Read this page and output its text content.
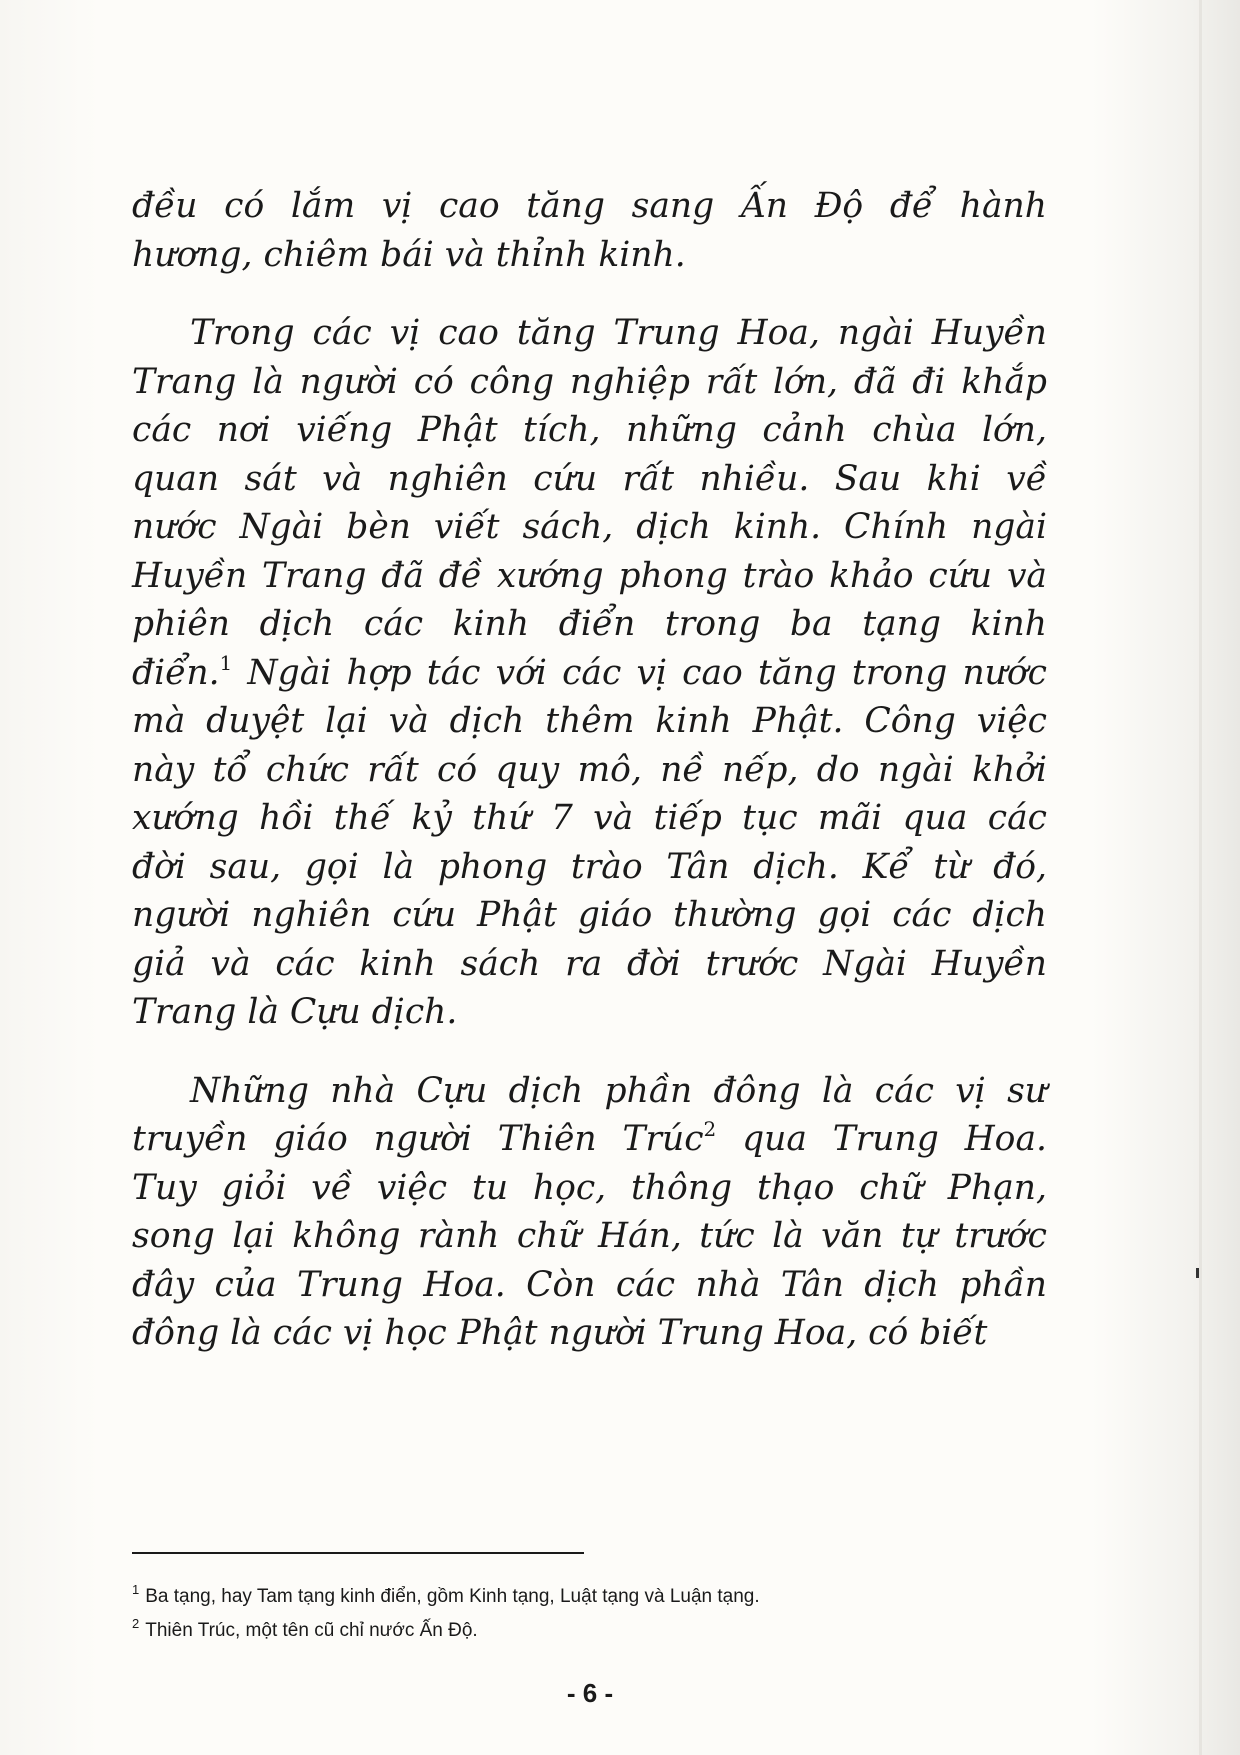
đều có lắm vị cao tăng sang Ấn Độ để hành
hương, chiêm bái và thỉnh kinh.
Trong các vị cao tăng Trung Hoa, ngài Huyền
Trang là người có công nghiệp rất lớn, đã đi khắp
các nơi viếng Phật tích, những cảnh chùa lớn,
quan sát và nghiên cứu rất nhiều. Sau khi về
nước Ngài bèn viết sách, dịch kinh. Chính ngài
Huyền Trang đã đề xướng phong trào khảo cứu và
phiên dịch các kinh điển trong ba tạng kinh
điển.$^1$ Ngài hợp tác với các vị cao tăng trong nước
mà duyệt lại và dịch thêm kinh Phật. Công việc
này tổ chức rất có quy mô, nề nếp, do ngài khởi
xướng hồi thế kỷ thứ 7 và tiếp tục mãi qua các
đời sau, gọi là phong trào Tân dịch. Kể từ đó,
người nghiên cứu Phật giáo thường gọi các dịch
giả và các kinh sách ra đời trước Ngài Huyền
Trang là Cựu dịch.
Những nhà Cựu dịch phần đông là các vị sư
truyền giáo người Thiên Trúc$^2$ qua Trung Hoa.
Tuy giỏi về việc tu học, thông thạo chữ Phạn,
song lại không rành chữ Hán, tức là văn tự trước
đây của Trung Hoa. Còn các nhà Tân dịch phần
đông là các vị học Phật người Trung Hoa, có biết
$^1$ Ba tạng, hay Tam tạng kinh điển, gồm Kinh tạng, Luật tạng và Luận tạng.
$^2$ Thiên Trúc, một tên cũ chỉ nước Ấn Độ.
- 6 -
